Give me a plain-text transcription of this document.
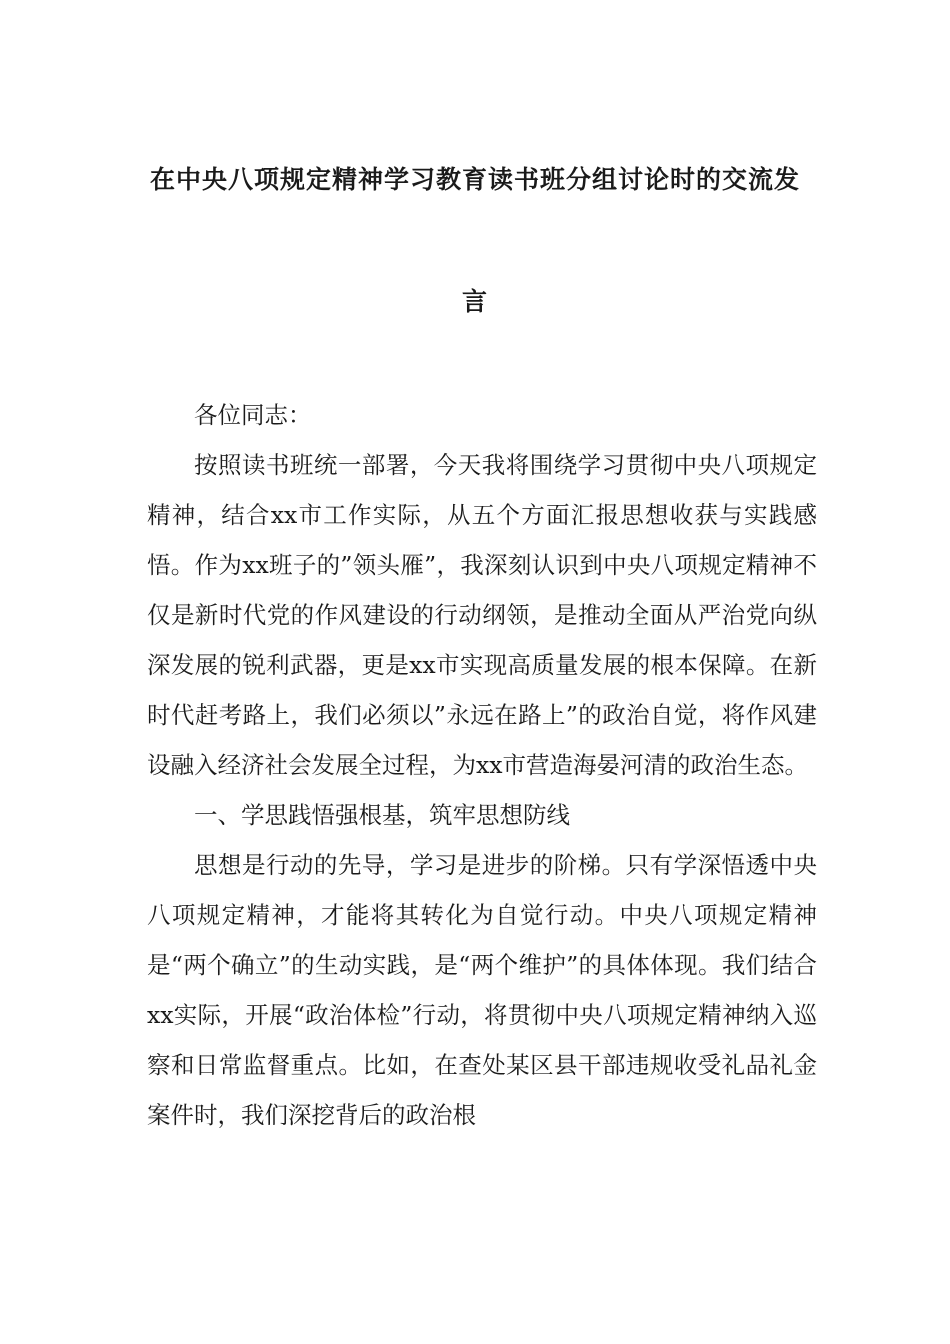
在中央八项规定精神学习教育读书班分组讨论时的交流发
言

各位同志：

按照读书班统一部署，今天我将围绕学习贯彻中央八项规定精神，结合xx市工作实际，从五个方面汇报思想收获与实践感悟。作为xx班子的”领头雁”，我深刻认识到中央八项规定精神不仅是新时代党的作风建设的行动纲领，是推动全面从严治党向纵深发展的锐利武器，更是xx市实现高质量发展的根本保障。在新时代赶考路上，我们必须以”永远在路上”的政治自觉，将作风建设融入经济社会发展全过程，为xx市营造海晏河清的政治生态。

一、学思践悟强根基，筑牢思想防线

思想是行动的先导，学习是进步的阶梯。只有学深悟透中央八项规定精神，才能将其转化为自觉行动。中央八项规定精神是“两个确立”的生动实践，是“两个维护”的具体体现。我们结合xx实际，开展“政治体检”行动，将贯彻中央八项规定精神纳入巡察和日常监督重点。比如，在查处某区县干部违规收受礼品礼金案件时，我们深挖背后的政治根
